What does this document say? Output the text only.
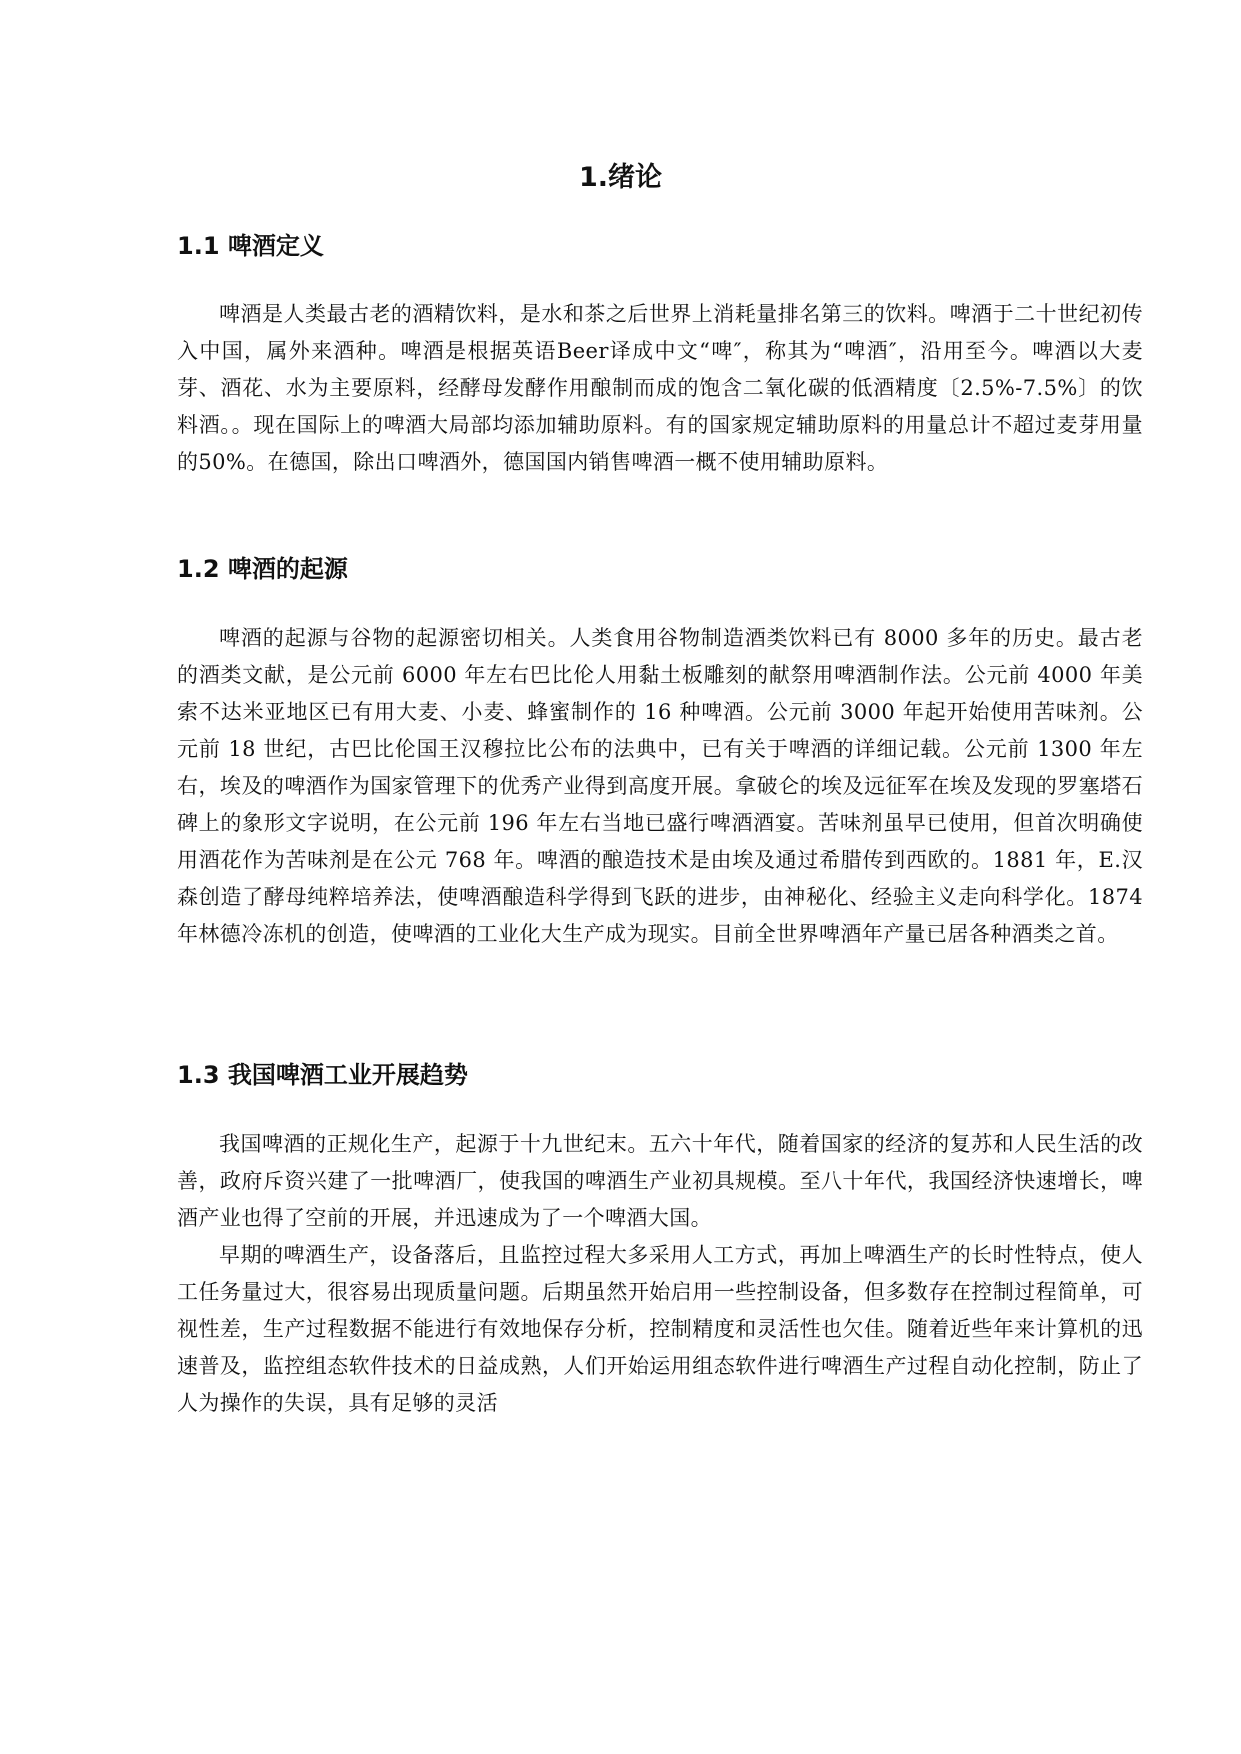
1.绪论
1.1 啤酒定义

啤酒是人类最古老的酒精饮料，是水和茶之后世界上消耗量排名第三的饮料。啤酒于二十世纪初传入中国，属外来酒种。啤酒是根据英语Beer译成中文“啤″，称其为“啤酒″，沿用至今。啤酒以大麦芽、酒花、水为主要原料，经酵母发酵作用酿制而成的饱含二氧化碳的低酒精度〔2.5%-7.5%〕的饮料酒。。现在国际上的啤酒大局部均添加辅助原料。有的国家规定辅助原料的用量总计不超过麦芽用量的50%。在德国，除出口啤酒外，德国国内销售啤酒一概不使用辅助原料。

1.2 啤酒的起源

啤酒的起源与谷物的起源密切相关。人类食用谷物制造酒类饮料已有 8000 多年的历史。最古老的酒类文献，是公元前 6000 年左右巴比伦人用黏土板雕刻的献祭用啤酒制作法。公元前 4000 年美索不达米亚地区已有用大麦、小麦、蜂蜜制作的 16 种啤酒。公元前 3000 年起开始使用苦味剂。公元前 18 世纪，古巴比伦国王汉穆拉比公布的法典中，已有关于啤酒的详细记载。公元前 1300 年左右，埃及的啤酒作为国家管理下的优秀产业得到高度开展。拿破仑的埃及远征军在埃及发现的罗塞塔石碑上的象形文字说明，在公元前 196 年左右当地已盛行啤酒酒宴。苦味剂虽早已使用，但首次明确使用酒花作为苦味剂是在公元 768 年。啤酒的酿造技术是由埃及通过希腊传到西欧的。1881 年，E.汉森创造了酵母纯粹培养法，使啤酒酿造科学得到飞跃的进步，由神秘化、经验主义走向科学化。1874 年林德冷冻机的创造，使啤酒的工业化大生产成为现实。目前全世界啤酒年产量已居各种酒类之首。

1.3 我国啤酒工业开展趋势

我国啤酒的正规化生产，起源于十九世纪末。五六十年代，随着国家的经济的复苏和人民生活的改善，政府斥资兴建了一批啤酒厂，使我国的啤酒生产业初具规模。至八十年代，我国经济快速增长，啤酒产业也得了空前的开展，并迅速成为了一个啤酒大国。

早期的啤酒生产，设备落后，且监控过程大多采用人工方式，再加上啤酒生产的长时性特点，使人工任务量过大，很容易出现质量问题。后期虽然开始启用一些控制设备，但多数存在控制过程简单，可视性差，生产过程数据不能进行有效地保存分析，控制精度和灵活性也欠佳。随着近些年来计算机的迅速普及，监控组态软件技术的日益成熟，人们开始运用组态软件进行啤酒生产过程自动化控制，防止了人为操作的失误，具有足够的灵活
